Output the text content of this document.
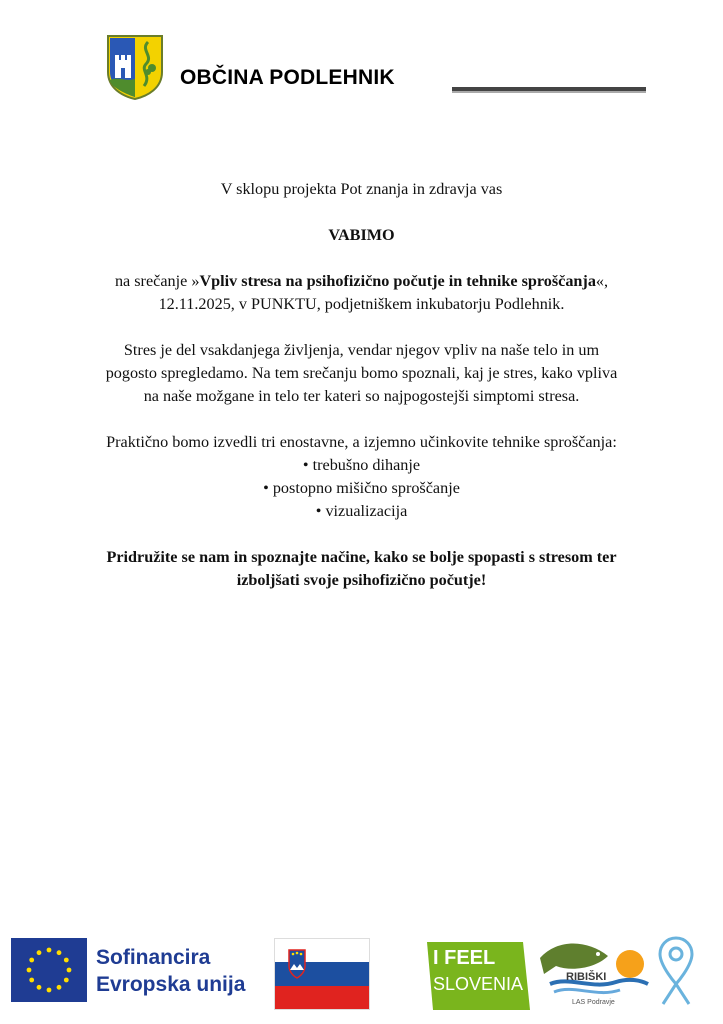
OBČINA PODLEHNIK

V sklopu projekta Pot znanja in zdravja vas

VABIMO

na srečanje »Vpliv stresa na psihofizično počutje in tehnike sproščanja«, 12.11.2025, v PUNKTU, podjetniškem inkubatorju Podlehnik.

Stres je del vsakdanjega življenja, vendar njegov vpliv na naše telo in um pogosto spregledamo. Na tem srečanju bomo spoznali, kaj je stres, kako vpliva na naše možgane in telo ter kateri so najpogostejši simptomi stresa.

Praktično bomo izvedli tri enostavne, a izjemno učinkovite tehnike sproščanja:

• trebušno dihanje
• postopno mišično sproščanje
• vizualizacija

Pridružite se nam in spoznajte načine, kako se bolje spopasti s stresom ter izboljšati svoje psihofizično počutje!

Sofinancira
Evropska unija
I FEEL
SLOVENIA	RIBIŠKI
LAS Podravje
